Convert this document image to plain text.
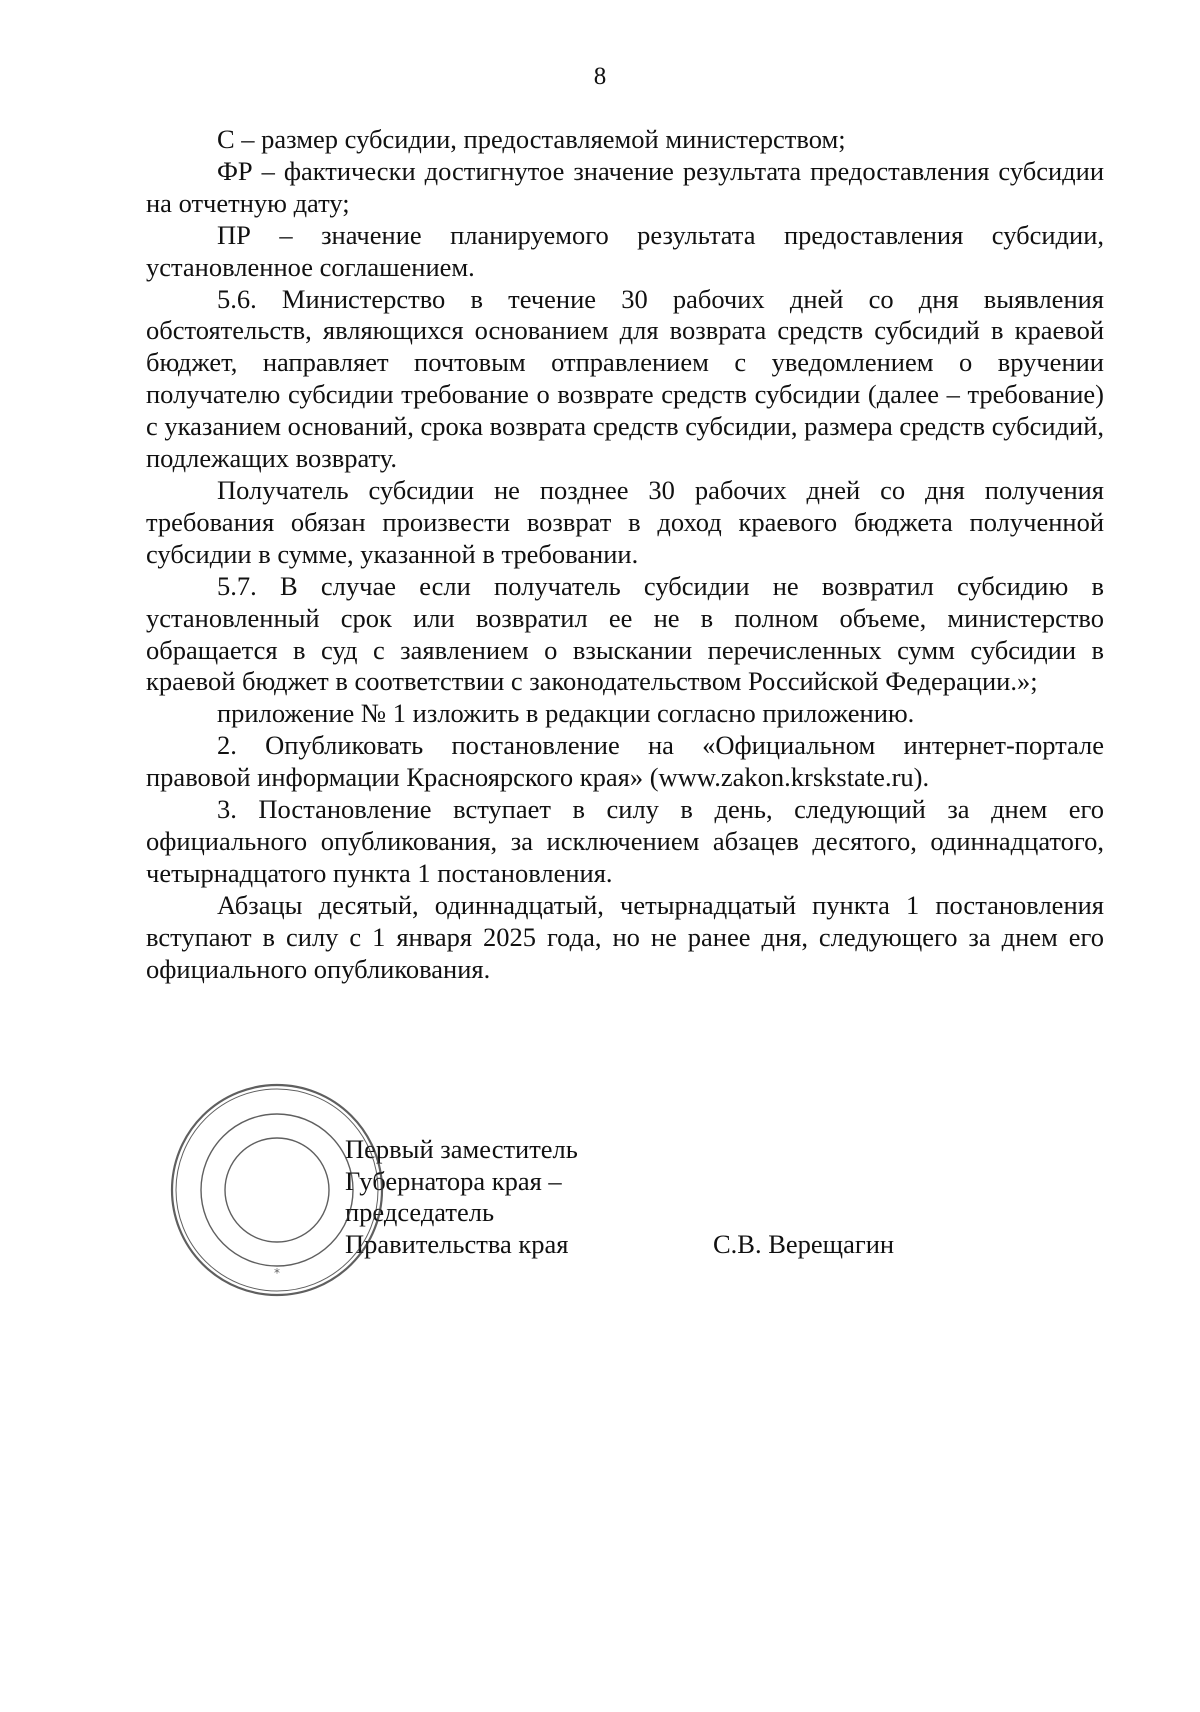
8

С – размер субсидии, предоставляемой министерством;

ФР – фактически достигнутое значение результата предоставления субсидии на отчетную дату;

ПР – значение планируемого результата предоставления субсидии, установленное соглашением.

5.6. Министерство в течение 30 рабочих дней со дня выявления обстоятельств, являющихся основанием для возврата средств субсидий в краевой бюджет, направляет почтовым отправлением с уведомлением о вручении получателю субсидии требование о возврате средств субсидии (далее – требование) с указанием оснований, срока возврата средств субсидии, размера средств субсидий, подлежащих возврату.

Получатель субсидии не позднее 30 рабочих дней со дня получения требования обязан произвести возврат в доход краевого бюджета полученной субсидии в сумме, указанной в требовании.

5.7. В случае если получатель субсидии не возвратил субсидию в установленный срок или возвратил ее не в полном объеме, министерство обращается в суд с заявлением о взыскании перечисленных сумм субсидии в краевой бюджет в соответствии с законодательством Российской Федерации.»;

приложение № 1 изложить в редакции согласно приложению.

2. Опубликовать постановление на «Официальном интернет-портале правовой информации Красноярского края» (www.zakon.krskstate.ru).

3. Постановление вступает в силу в день, следующий за днем его официального опубликования, за исключением абзацев десятого, одиннадцатого, четырнадцатого пункта 1 постановления.

Абзацы десятый, одиннадцатый, четырнадцатый пункта 1 постановления вступают в силу с 1 января 2025 года, но не ранее дня, следующего за днем его официального опубликования.

Первый заместитель
Губернатора края –
председатель
Правительства края	С.В. Верещагин
*
